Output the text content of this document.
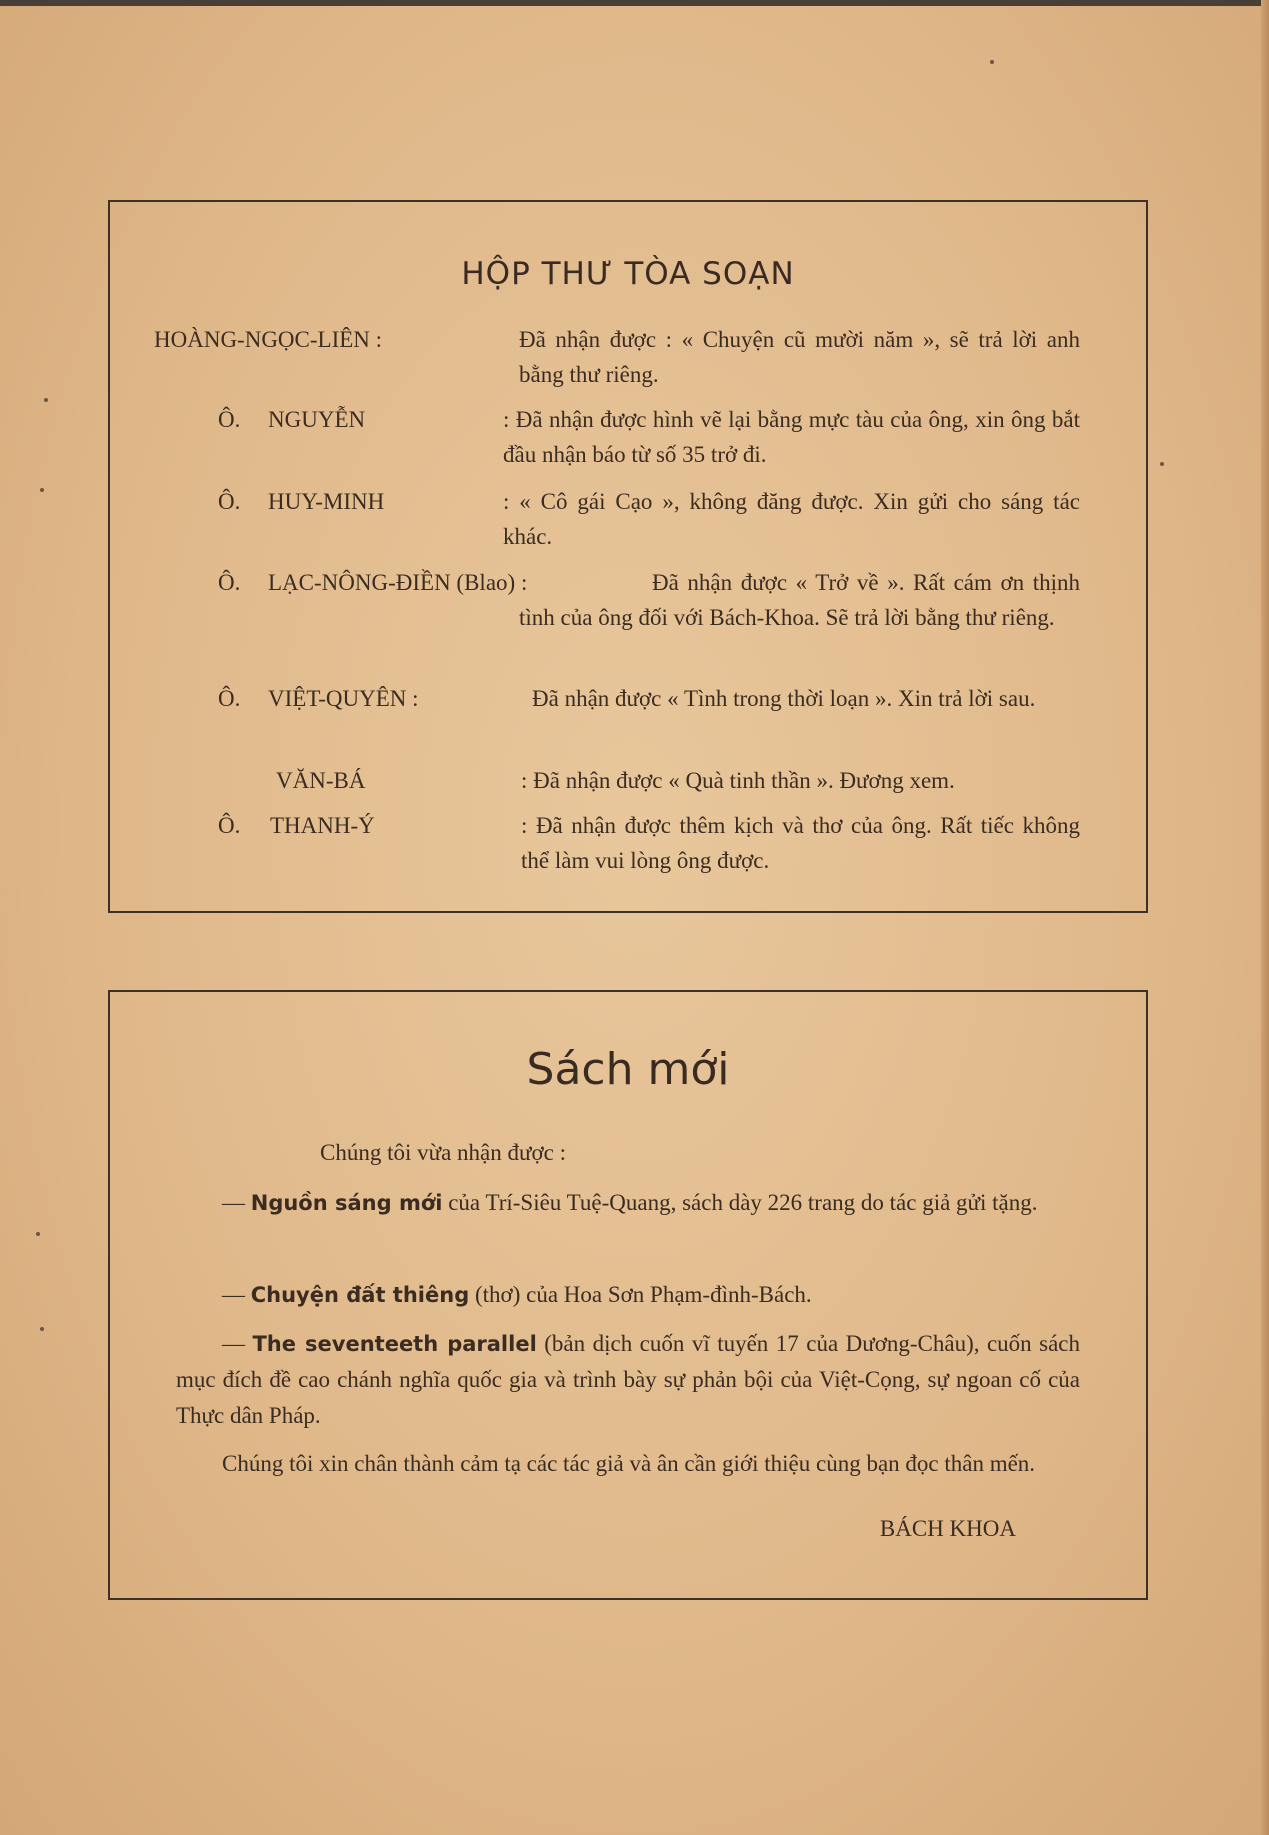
HỘP THƯ TÒA SOẠN
HOÀNG-NGỌC-LIÊN :	Đã nhận được : « Chuyện cũ mười năm », sẽ trả lời anh bằng thư riêng.
Ô. NGUYỄN	: Đã nhận được hình vẽ lại bằng mực tàu của ông, xin ông bắt đầu nhận báo từ số 35 trở đi.
Ô. HUY-MINH	: « Cô gái Cạo », không đăng được. Xin gửi cho sáng tác khác.
Ô. LẠC-NÔNG-ĐIỀN (Blao) :	Đã nhận được « Trở về ». Rất cám ơn thịnh tình của ông đối với Bách-Khoa. Sẽ trả lời bằng thư riêng.
Ô. VIỆT-QUYÊN :	Đã nhận được « Tình trong thời loạn ». Xin trả lời sau.
VĂN-BÁ	: Đã nhận được « Quà tinh thần ». Đương xem.
Ô. THANH-Ý	: Đã nhận được thêm kịch và thơ của ông. Rất tiếc không thể làm vui lòng ông được.
Sách mới
Chúng tôi vừa nhận được :
— Nguồn sáng mới của Trí-Siêu Tuệ-Quang, sách dày 226 trang do tác giả gửi tặng.
— Chuyện đất thiêng (thơ) của Hoa Sơn Phạm-đình-Bách.
— The seventeeth parallel (bản dịch cuốn vĩ tuyến 17 của Dương-Châu), cuốn sách mục đích đề cao chánh nghĩa quốc gia và trình bày sự phản bội của Việt-Cọng, sự ngoan cố của Thực dân Pháp.
Chúng tôi xin chân thành cảm tạ các tác giả và ân cần giới thiệu cùng bạn đọc thân mến.
BÁCH KHOA
